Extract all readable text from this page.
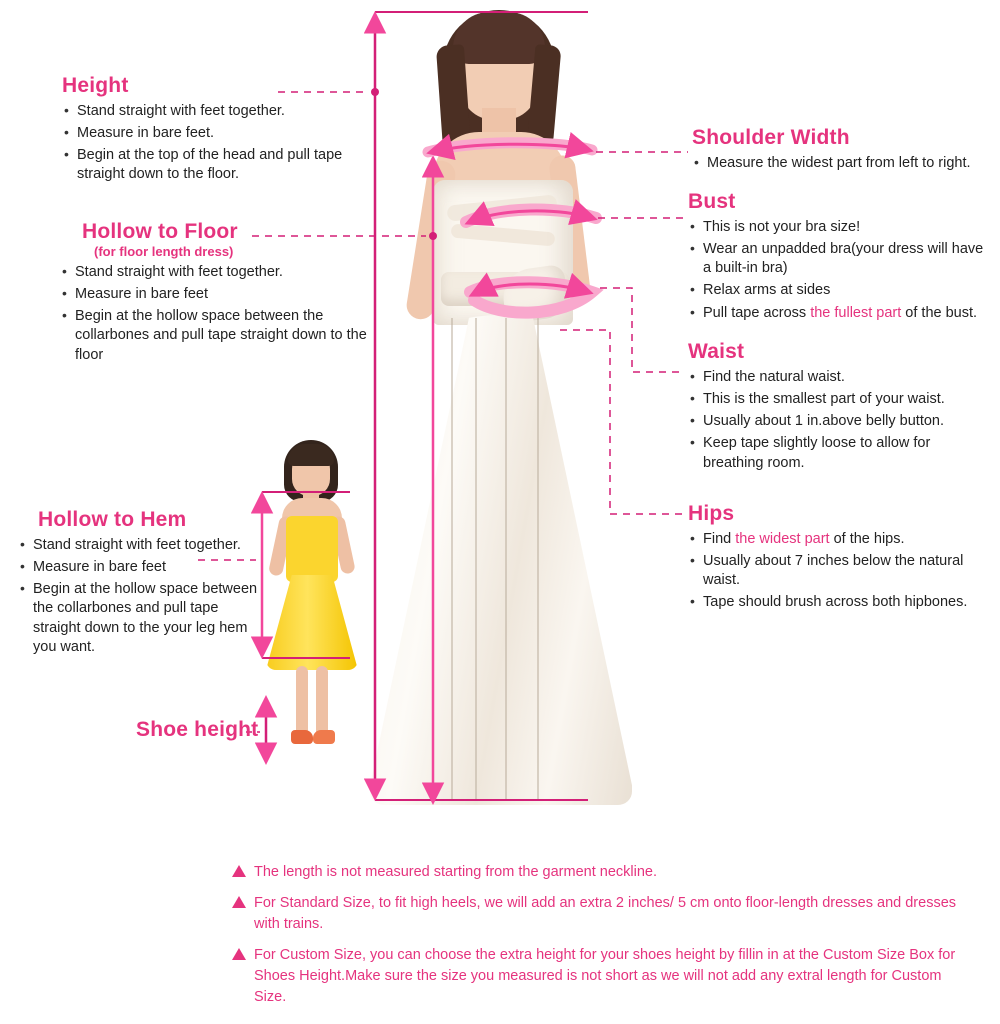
Height
• Stand straight with feet together.
• Measure in bare feet.
• Begin at the top of the head and pull tape straight down to the floor.
Hollow to Floor
(for floor length dress)
• Stand straight with feet together.
• Measure in bare feet
• Begin at the hollow space between the collarbones and pull tape straight down to the floor
Hollow to Hem
• Stand straight with feet together.
• Measure in bare feet
• Begin at the hollow space between the collarbones and pull tape straight down to the your leg hem you want.
Shoe height
Shoulder Width
• Measure the widest part from left to right.
Bust
• This is not your bra size!
• Wear an unpadded bra(your dress will have a built-in bra)
• Relax arms at sides
• Pull tape across the fullest part of the bust.
Waist
• Find the natural waist.
• This is the smallest part of your waist.
• Usually about 1 in.above belly button.
• Keep tape slightly loose to allow for breathing room.
Hips
• Find the widest part of the hips.
• Usually about 7 inches below the natural waist.
• Tape should brush across both hipbones.
The length is not measured starting from the garment neckline.
For Standard Size, to fit high heels, we will add an extra 2 inches/ 5 cm onto floor-length dresses and dresses with trains.
For Custom Size, you can choose the extra height for your shoes height by fillin in at the Custom Size Box for Shoes Height.Make sure the size you measured is not short as we will not add any extral length for Custom Size.
